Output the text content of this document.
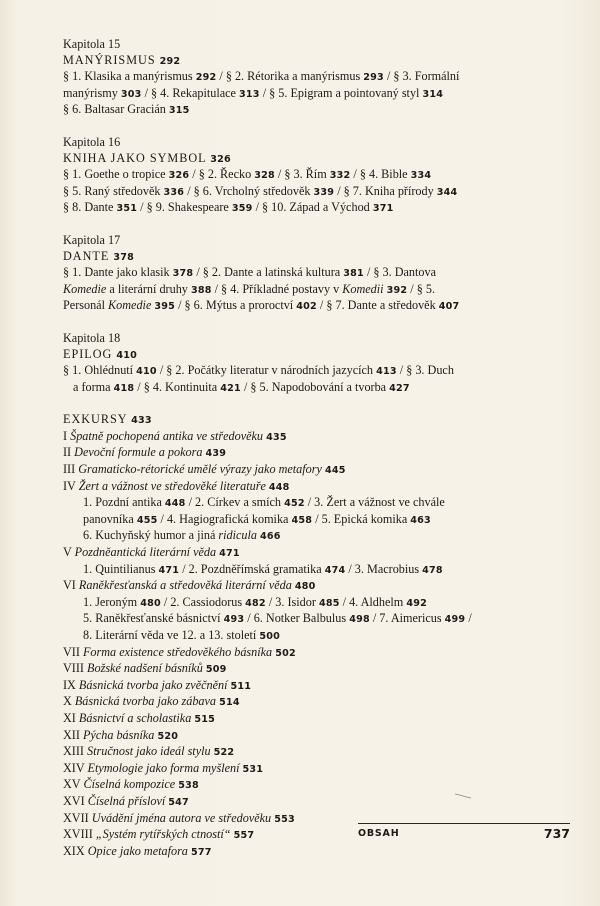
Kapitola 15
MANÝRISMUS 292
§ 1. Klasika a manýrismus 292 / § 2. Rétorika a manýrismus 293 / § 3. Formální
manýrismy 303 / § 4. Rekapitulace 313 / § 5. Epigram a pointovaný styl 314
§ 6. Baltasar Gracián 315
Kapitola 16
KNIHA JAKO SYMBOL 326
§ 1. Goethe o tropice 326 / § 2. Řecko 328 / § 3. Řím 332 / § 4. Bible 334
§ 5. Raný středověk 336 / § 6. Vrcholný středověk 339 / § 7. Kniha přírody 344
§ 8. Dante 351 / § 9. Shakespeare 359 / § 10. Západ a Východ 371
Kapitola 17
DANTE 378
§ 1. Dante jako klasik 378 / § 2. Dante a latinská kultura 381 / § 3. Dantova
Komedie a literární druhy 388 / § 4. Příkladné postavy v Komedii 392 / § 5.
Personál Komedie 395 / § 6. Mýtus a proroctví 402 / § 7. Dante a středověk 407
Kapitola 18
EPILOG 410
§ 1. Ohlédnutí 410 / § 2. Počátky literatur v národních jazycích 413 / § 3. Duch
a forma 418 / § 4. Kontinuita 421 / § 5. Napodobování a tvorba 427
EXKURSY 433
I Špatně pochopená antika ve středověku 435
II Devoční formule a pokora 439
III Gramaticko-rétorické umělé výrazy jako metafory 445
IV Žert a vážnost ve středověké literatuře 448
1. Pozdní antika 448 / 2. Církev a smích 452 / 3. Žert a vážnost ve chvále
panovníka 455 / 4. Hagiografická komika 458 / 5. Epická komika 463
6. Kuchyňský humor a jiná ridicula 466
V Pozdněantická literární věda 471
1. Quintilianus 471 / 2. Pozdněřímská gramatika 474 / 3. Macrobius 478
VI Raněkřesťanská a středověká literární věda 480
1. Jeroným 480 / 2. Cassiodorus 482 / 3. Isidor 485 / 4. Aldhelm 492
5. Raněkřesťanské básnictví 493 / 6. Notker Balbulus 498 / 7. Aimericus 499 /
8. Literární věda ve 12. a 13. století 500
VII Forma existence středověkého básníka 502
VIII Božské nadšení básníků 509
IX Básnická tvorba jako zvěčnění 511
X Básnická tvorba jako zábava 514
XI Básnictví a scholastika 515
XII Pýcha básníka 520
XIII Stručnost jako ideál stylu 522
XIV Etymologie jako forma myšlení 531
XV Číselná kompozice 538
XVI Číselná přísloví 547
XVII Uvádění jména autora ve středověku 553
XVIII „Systém rytířských ctností“ 557
XIX Opice jako metafora 577
OBSAH	737
